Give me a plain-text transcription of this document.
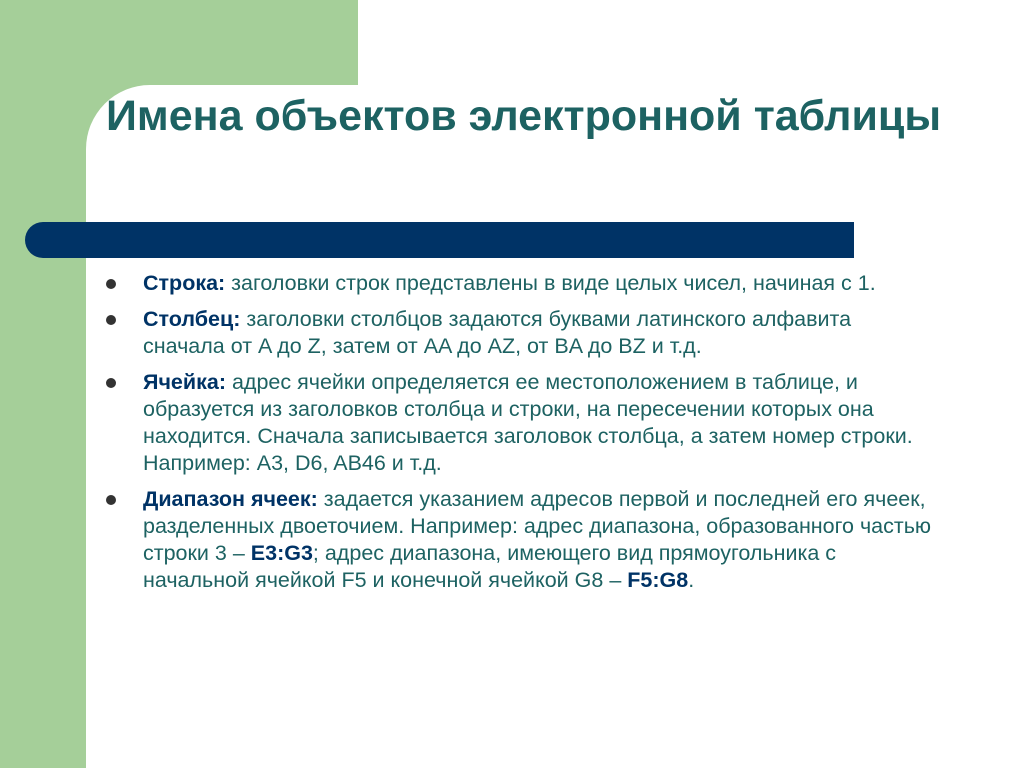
Имена объектов электронной таблицы
Строка: заголовки строк представлены в виде целых чисел, начиная с 1.
Столбец: заголовки столбцов задаются буквами латинского алфавита сначала от A до Z, затем от AA до AZ, от BA до BZ и т.д.
Ячейка: адрес ячейки определяется ее местоположением в таблице, и образуется из заголовков столбца и строки, на пересечении которых она находится. Сначала записывается заголовок столбца, а затем номер строки. Например: A3, D6, AB46 и т.д.
Диапазон ячеек: задается указанием адресов первой и последней его ячеек, разделенных двоеточием. Например: адрес диапазона, образованного частью строки 3 – E3:G3; адрес диапазона, имеющего вид прямоугольника с начальной ячейкой F5 и конечной ячейкой G8 – F5:G8.
